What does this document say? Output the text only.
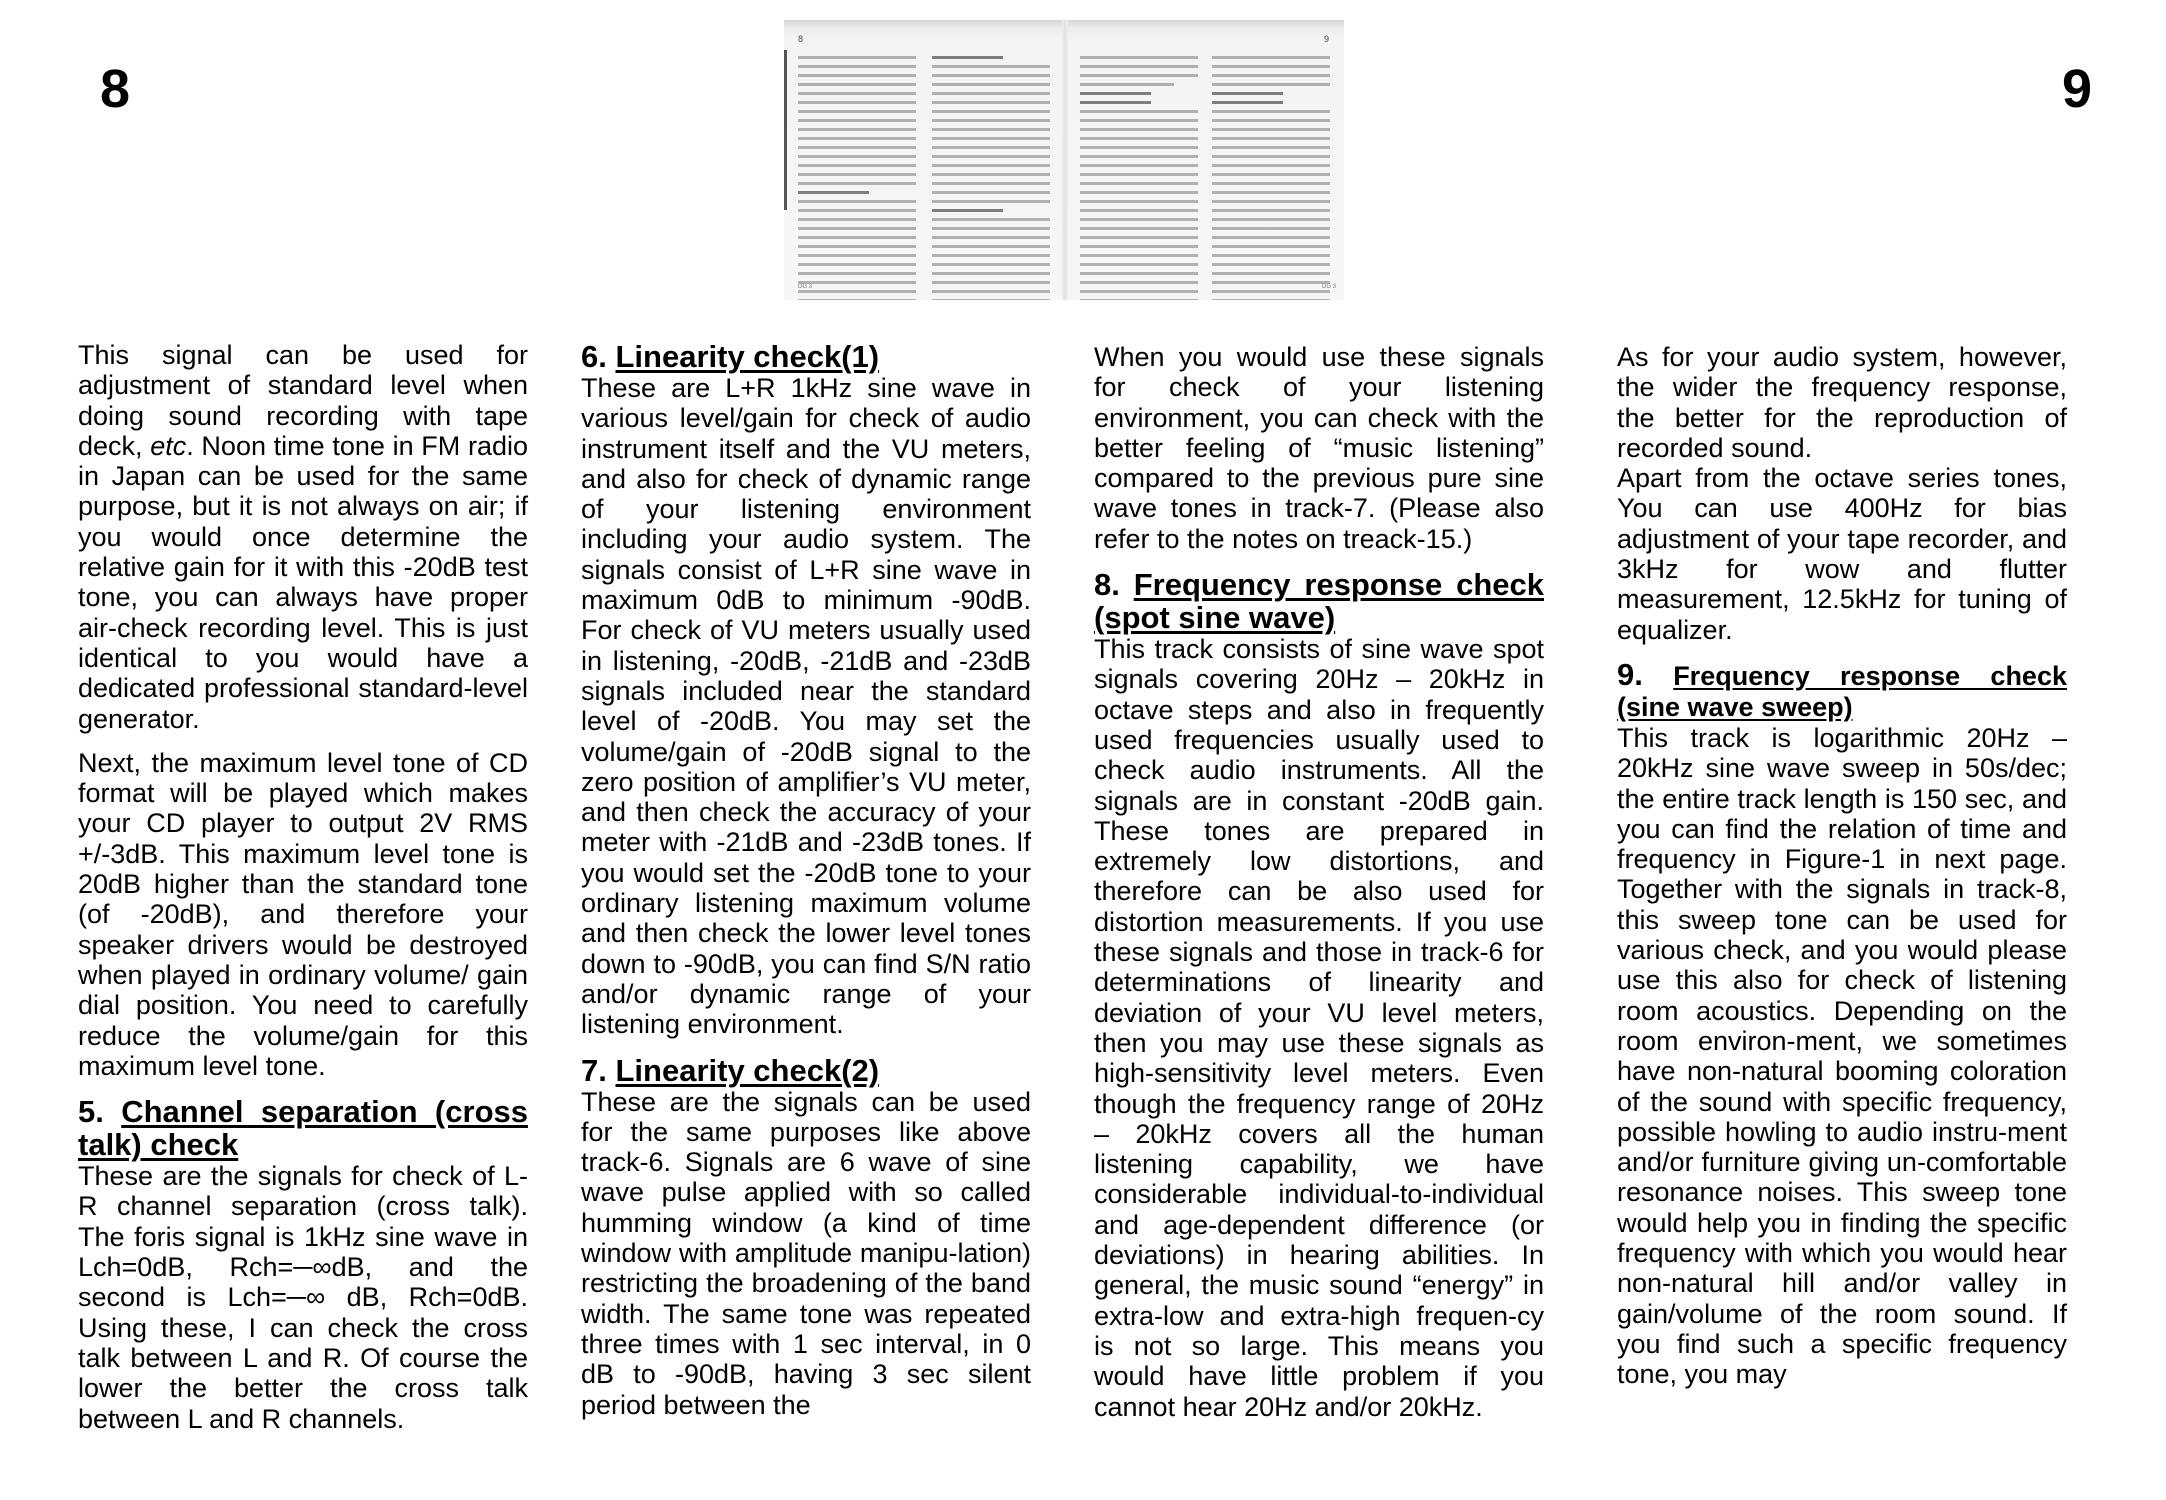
8	9
8	9
DG 3	DG 3

This signal can be used for adjustment of standard level when doing sound recording with tape deck, etc. Noon time tone in FM radio in Japan can be used for the same purpose, but it is not always on air; if you would once determine the relative gain for it with this -20dB test tone, you can always have proper air-check recording level. This is just identical to you would have a dedicated professional standard-level generator.

Next, the maximum level tone of CD format will be played which makes your CD player to output 2V RMS +/-3dB. This maximum level tone is 20dB higher than the standard tone (of -20dB), and therefore your speaker drivers would be destroyed when played in ordinary volume/ gain dial position. You need to carefully reduce the volume/gain for this maximum level tone.

5. Channel separation (cross talk) check

These are the signals for check of L-R channel separation (cross talk). The foris signal is 1kHz sine wave in Lch=0dB, Rch=─∞dB, and the second is Lch=─∞ dB, Rch=0dB. Using these, I can check the cross talk between L and R. Of course the lower the better the cross talk between L and R channels.

6. Linearity check(1)

These are L+R 1kHz sine wave in various level/gain for check of audio instrument itself and the VU meters, and also for check of dynamic range of your listening environment including your audio system. The signals consist of L+R sine wave in maximum 0dB to minimum -90dB. For check of VU meters usually used in listening, -20dB, -21dB and -23dB signals included near the standard level of -20dB. You may set the volume/gain of -20dB signal to the zero position of amplifier’s VU meter, and then check the accuracy of your meter with -21dB and -23dB tones. If you would set the -20dB tone to your ordinary listening maximum volume and then check the lower level tones down to -90dB, you can find S/N ratio and/or dynamic range of your listening environment.

7. Linearity check(2)

These are the signals can be used for the same purposes like above track-6. Signals are 6 wave of sine wave pulse applied with so called humming window (a kind of time window with amplitude manipu-lation) restricting the broadening of the band width. The same tone was repeated three times with 1 sec interval, in 0 dB to -90dB, having 3 sec silent period between the

When you would use these signals for check of your listening environment, you can check with the better feeling of “music listening” compared to the previous pure sine wave tones in track-7. (Please also refer to the notes on treack-15.)

8. Frequency response check (spot sine wave)

This track consists of sine wave spot signals covering 20Hz – 20kHz in octave steps and also in frequently used frequencies usually used to check audio instruments. All the signals are in constant -20dB gain. These tones are prepared in extremely low distortions, and therefore can be also used for distortion measurements. If you use these signals and those in track-6 for determinations of linearity and deviation of your VU level meters, then you may use these signals as high-sensitivity level meters. Even though the frequency range of 20Hz – 20kHz covers all the human listening capability, we have considerable individual-to-individual and age-dependent difference (or deviations) in hearing abilities. In general, the music sound “energy” in extra-low and extra-high frequen-cy is not so large. This means you would have little problem if you cannot hear 20Hz and/or 20kHz.

As for your audio system, however, the wider the frequency response, the better for the reproduction of recorded sound.

Apart from the octave series tones, You can use 400Hz for bias adjustment of your tape recorder, and 3kHz for wow and flutter measurement, 12.5kHz for tuning of equalizer.

9. Frequency response check (sine wave sweep)

This track is logarithmic 20Hz – 20kHz sine wave sweep in 50s/dec; the entire track length is 150 sec, and you can find the relation of time and frequency in Figure-1 in next page. Together with the signals in track-8, this sweep tone can be used for various check, and you would please use this also for check of listening room acoustics. Depending on the room environ-ment, we sometimes have non-natural booming coloration of the sound with specific frequency, possible howling to audio instru-ment and/or furniture giving un-comfortable resonance noises. This sweep tone would help you in finding the specific frequency with which you would hear non-natural hill and/or valley in gain/volume of the room sound. If you find such a specific frequency tone, you may
